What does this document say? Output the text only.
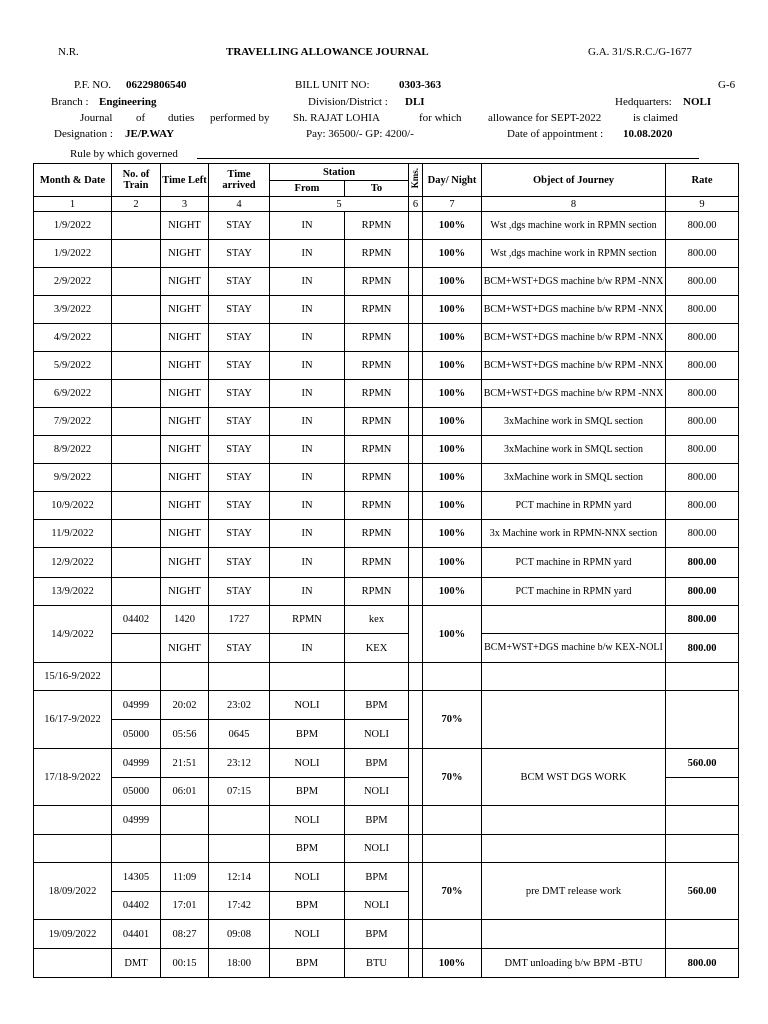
N.R.	TRAVELLING ALLOWANCE JOURNAL	G.A. 31/S.R.C./G-1677
P.F. NO. 06229806540	BILL UNIT NO:	0303-363	G-6
Branch : Engineering	Division/District : DLI	Hedquarters: NOLI
Journal of duties performed by Sh. RAJAT LOHIA	for which allowance for SEPT-2022	is claimed
Designation : JE/P.WAY	Pay: 36500/- GP: 4200/-	Date of appointment : 10.08.2020
Rule by which governed
Month & Date	No. of Train	Time Left	Time arrived	Station		Kms.	Day/ Night	Object of Journey	Rate
				From	To				
1	2	3	4	5		6	7	8	9
1/9/2022		NIGHT	STAY	IN	RPMN		100%	Wst ,dgs machine work in RPMN section	800.00
1/9/2022		NIGHT	STAY	IN	RPMN		100%	Wst ,dgs machine work in RPMN section	800.00
2/9/2022		NIGHT	STAY	IN	RPMN		100%	BCM+WST+DGS machine b/w RPM -NNX	800.00
3/9/2022		NIGHT	STAY	IN	RPMN		100%	BCM+WST+DGS machine b/w RPM -NNX	800.00
4/9/2022		NIGHT	STAY	IN	RPMN		100%	BCM+WST+DGS machine b/w RPM -NNX	800.00
5/9/2022		NIGHT	STAY	IN	RPMN		100%	BCM+WST+DGS machine b/w RPM -NNX	800.00
6/9/2022		NIGHT	STAY	IN	RPMN		100%	BCM+WST+DGS machine b/w RPM -NNX	800.00
7/9/2022		NIGHT	STAY	IN	RPMN		100%	3xMachine work in SMQL section	800.00
8/9/2022		NIGHT	STAY	IN	RPMN		100%	3xMachine work in SMQL section	800.00
9/9/2022		NIGHT	STAY	IN	RPMN		100%	3xMachine work in SMQL section	800.00
10/9/2022		NIGHT	STAY	IN	RPMN		100%	PCT machine in RPMN yard	800.00
11/9/2022		NIGHT	STAY	IN	RPMN		100%	3x Machine work in RPMN-NNX section	800.00
12/9/2022		NIGHT	STAY	IN	RPMN		100%	PCT machine in RPMN yard	800.00
13/9/2022		NIGHT	STAY	IN	RPMN		100%	PCT machine in RPMN yard	800.00
14/9/2022	04402	1420	1727	RPMN	kex		100%		800.00
		NIGHT	STAY	IN	KEX			BCM+WST+DGS machine b/w KEX-NOLI	800.00
15/16-9/2022									
16/17-9/2022	04999	20:02	23:02	NOLI	BPM		70%		
	05000	05:56	0645	BPM	NOLI				
17/18-9/2022	04999	21:51	23:12	NOLI	BPM		70%	BCM WST DGS WORK	560.00
	05000	06:01	07:15	BPM	NOLI				
	04999			NOLI	BPM				
				BPM	NOLI				
18/09/2022	14305	11:09	12:14	NOLI	BPM		70%	pre DMT release work	560.00
	04402	17:01	17:42	BPM	NOLI				
19/09/2022	04401	08:27	09:08	NOLI	BPM				
	DMT	00:15	18:00	BPM	BTU		100%	DMT unloading b/w BPM -BTU	800.00
